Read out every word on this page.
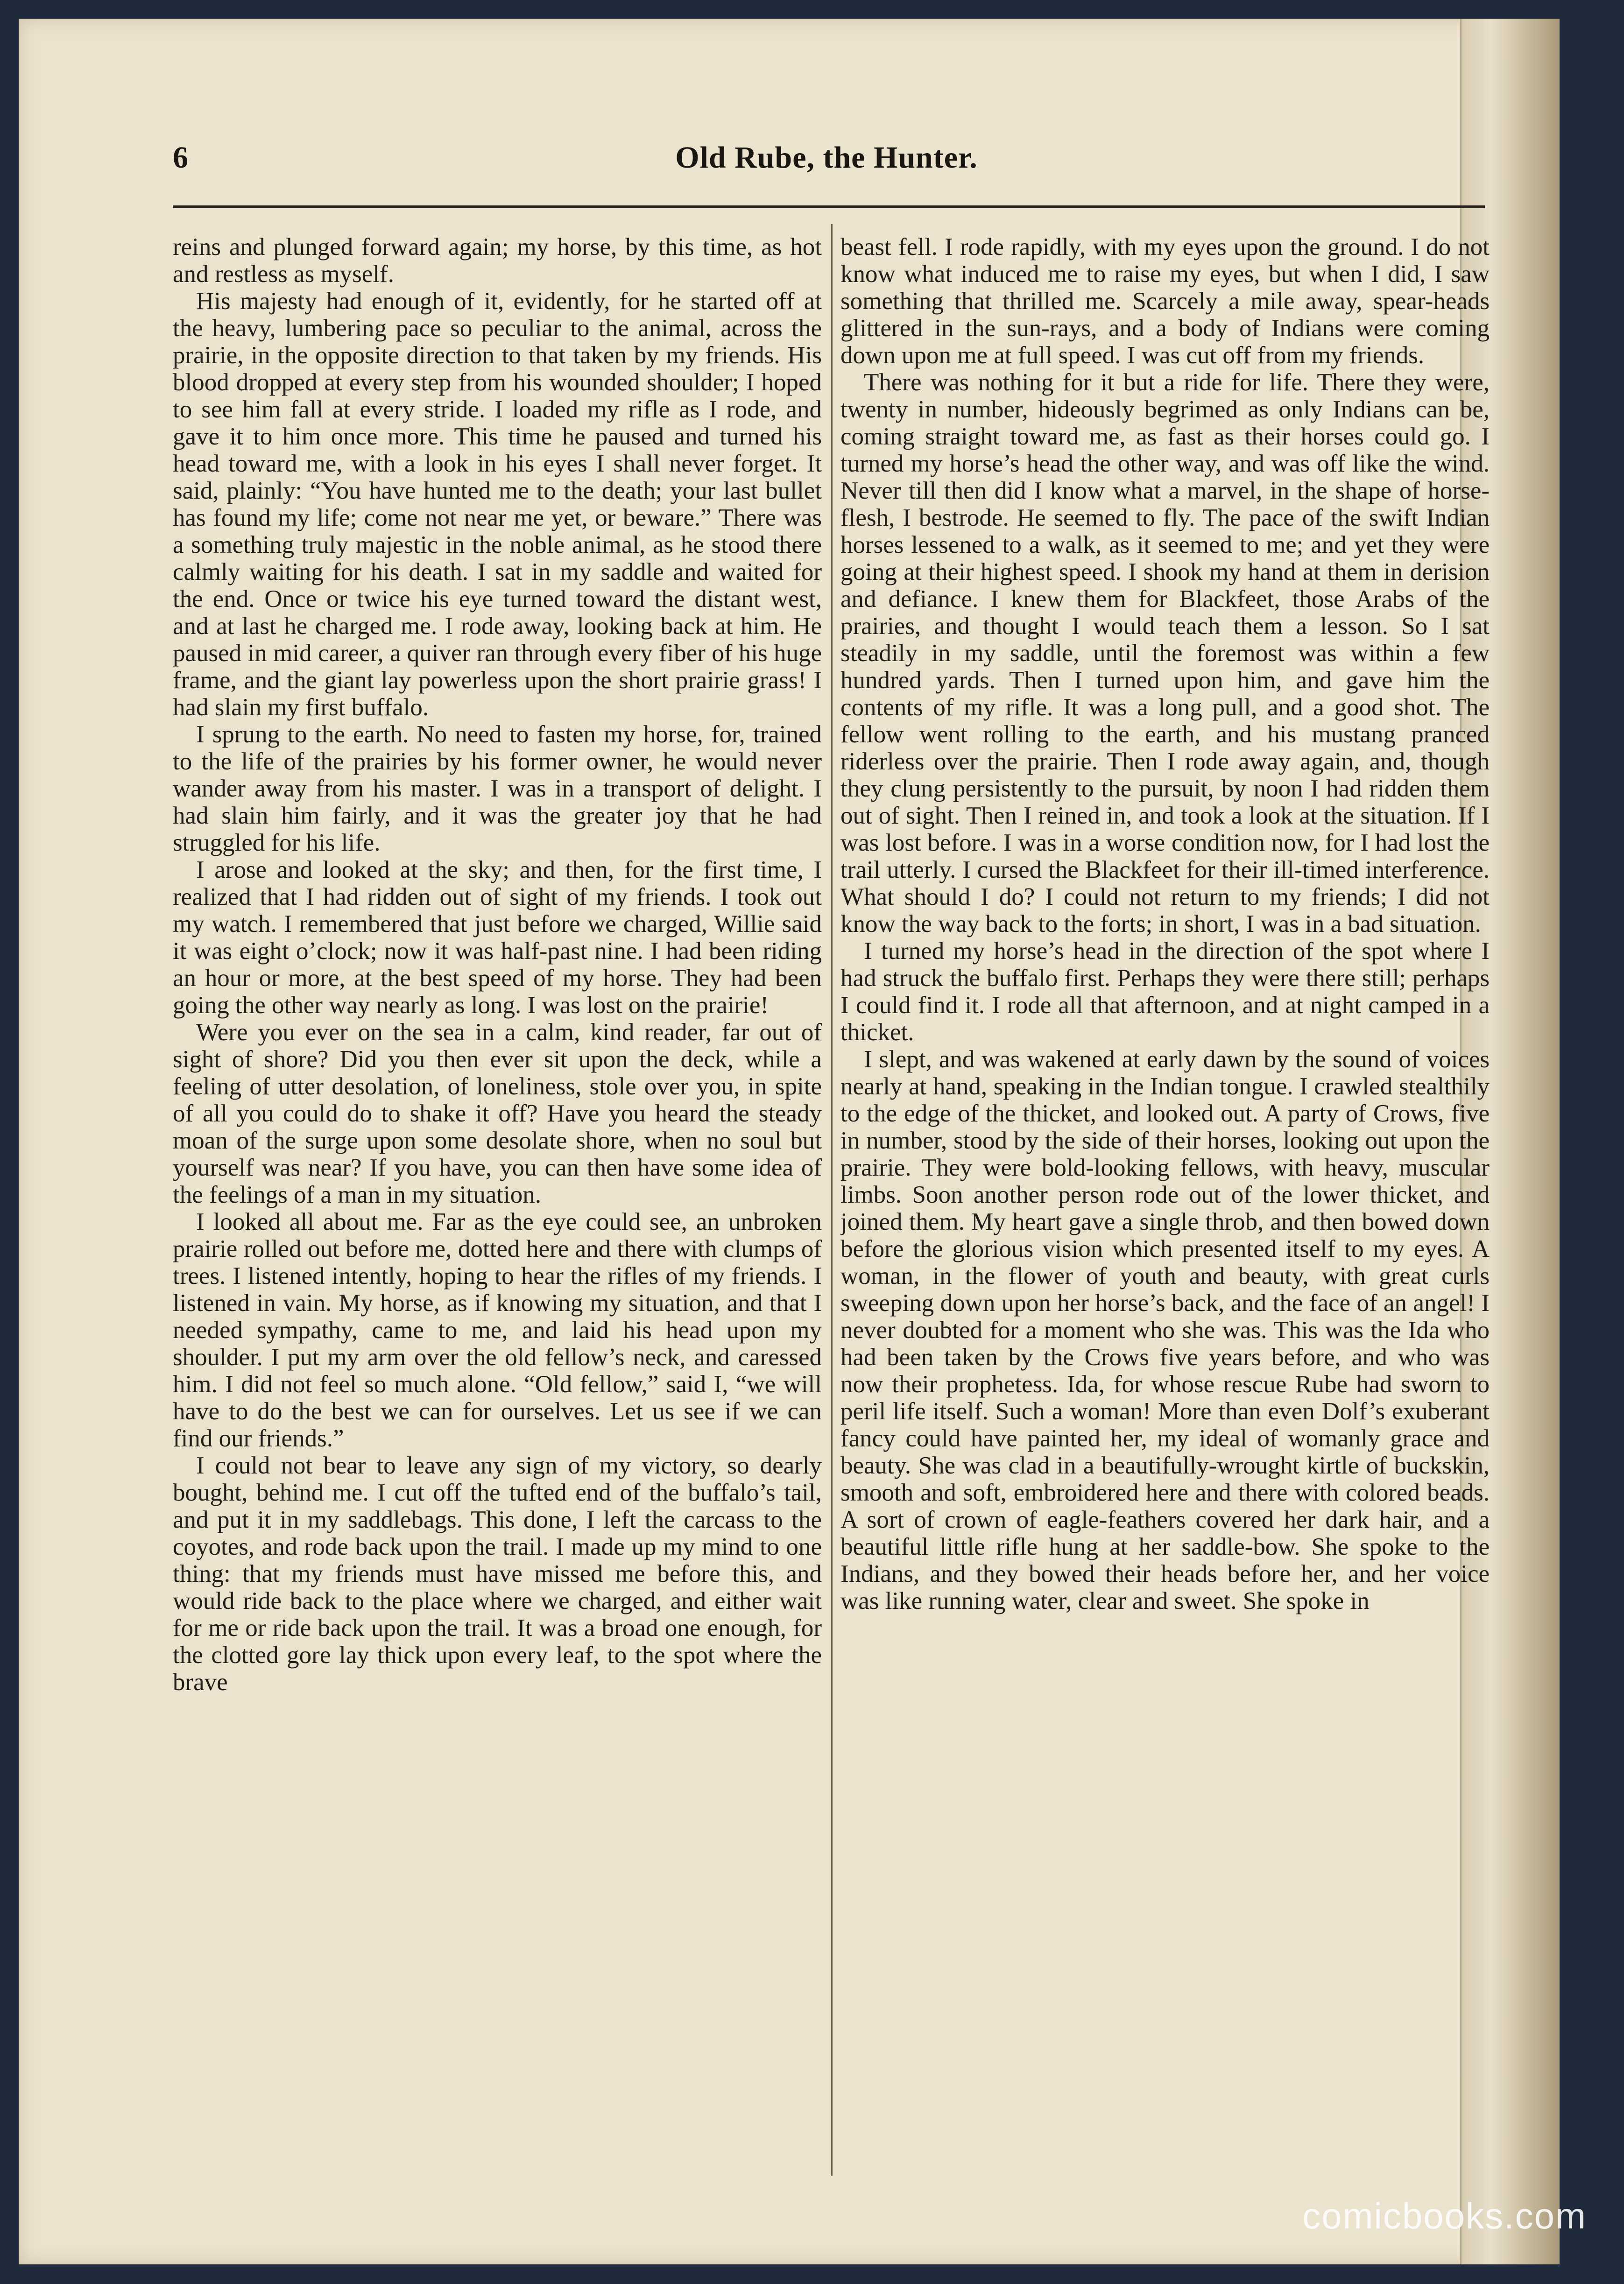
6	Old Rube, the Hunter.

reins and plunged forward again; my horse, by this time, as hot and restless as myself.

His majesty had enough of it, evidently, for he started off at the heavy, lumbering pace so peculiar to the animal, across the prairie, in the opposite direction to that taken by my friends. His blood dropped at every step from his wounded shoulder; I hoped to see him fall at every stride. I loaded my rifle as I rode, and gave it to him once more. This time he paused and turned his head toward me, with a look in his eyes I shall never forget. It said, plainly: “You have hunted me to the death; your last bullet has found my life; come not near me yet, or beware.” There was a something truly majestic in the noble animal, as he stood there calmly waiting for his death. I sat in my saddle and waited for the end. Once or twice his eye turned toward the distant west, and at last he charged me. I rode away, looking back at him. He paused in mid career, a quiver ran through every fiber of his huge frame, and the giant lay powerless upon the short prairie grass! I had slain my first buffalo.

I sprung to the earth. No need to fasten my horse, for, trained to the life of the prairies by his former owner, he would never wander away from his master. I was in a transport of delight. I had slain him fairly, and it was the greater joy that he had struggled for his life.

I arose and looked at the sky; and then, for the first time, I realized that I had ridden out of sight of my friends. I took out my watch. I remembered that just before we charged, Willie said it was eight o’clock; now it was half-past nine. I had been riding an hour or more, at the best speed of my horse. They had been going the other way nearly as long. I was lost on the prairie!

Were you ever on the sea in a calm, kind reader, far out of sight of shore? Did you then ever sit upon the deck, while a feeling of utter desolation, of loneliness, stole over you, in spite of all you could do to shake it off? Have you heard the steady moan of the surge upon some desolate shore, when no soul but yourself was near? If you have, you can then have some idea of the feelings of a man in my situation.

I looked all about me. Far as the eye could see, an unbroken prairie rolled out before me, dotted here and there with clumps of trees. I listened intently, hoping to hear the rifles of my friends. I listened in vain. My horse, as if knowing my situation, and that I needed sympathy, came to me, and laid his head upon my shoulder. I put my arm over the old fellow’s neck, and caressed him. I did not feel so much alone. “Old fellow,” said I, “we will have to do the best we can for ourselves. Let us see if we can find our friends.”

I could not bear to leave any sign of my victory, so dearly bought, behind me. I cut off the tufted end of the buffalo’s tail, and put it in my saddlebags. This done, I left the carcass to the coyotes, and rode back upon the trail. I made up my mind to one thing: that my friends must have missed me before this, and would ride back to the place where we charged, and either wait for me or ride back upon the trail. It was a broad one enough, for the clotted gore lay thick upon every leaf, to the spot where the brave

beast fell. I rode rapidly, with my eyes upon the ground. I do not know what induced me to raise my eyes, but when I did, I saw something that thrilled me. Scarcely a mile away, spear-heads glittered in the sun-rays, and a body of Indians were coming down upon me at full speed. I was cut off from my friends.

There was nothing for it but a ride for life. There they were, twenty in number, hideously begrimed as only Indians can be, coming straight toward me, as fast as their horses could go. I turned my horse’s head the other way, and was off like the wind. Never till then did I know what a marvel, in the shape of horse-flesh, I bestrode. He seemed to fly. The pace of the swift Indian horses lessened to a walk, as it seemed to me; and yet they were going at their highest speed. I shook my hand at them in derision and defiance. I knew them for Blackfeet, those Arabs of the prairies, and thought I would teach them a lesson. So I sat steadily in my saddle, until the foremost was within a few hundred yards. Then I turned upon him, and gave him the contents of my rifle. It was a long pull, and a good shot. The fellow went rolling to the earth, and his mustang pranced riderless over the prairie. Then I rode away again, and, though they clung persistently to the pursuit, by noon I had ridden them out of sight. Then I reined in, and took a look at the situation. If I was lost before. I was in a worse condition now, for I had lost the trail utterly. I cursed the Blackfeet for their ill-timed interference. What should I do? I could not return to my friends; I did not know the way back to the forts; in short, I was in a bad situation.

I turned my horse’s head in the direction of the spot where I had struck the buffalo first. Perhaps they were there still; perhaps I could find it. I rode all that afternoon, and at night camped in a thicket.

I slept, and was wakened at early dawn by the sound of voices nearly at hand, speaking in the Indian tongue. I crawled stealthily to the edge of the thicket, and looked out. A party of Crows, five in number, stood by the side of their horses, looking out upon the prairie. They were bold-looking fellows, with heavy, muscular limbs. Soon another person rode out of the lower thicket, and joined them. My heart gave a single throb, and then bowed down before the glorious vision which presented itself to my eyes. A woman, in the flower of youth and beauty, with great curls sweeping down upon her horse’s back, and the face of an angel! I never doubted for a moment who she was. This was the Ida who had been taken by the Crows five years before, and who was now their prophetess. Ida, for whose rescue Rube had sworn to peril life itself. Such a woman! More than even Dolf’s exuberant fancy could have painted her, my ideal of womanly grace and beauty. She was clad in a beautifully-wrought kirtle of buckskin, smooth and soft, embroidered here and there with colored beads. A sort of crown of eagle-feathers covered her dark hair, and a beautiful little rifle hung at her saddle-bow. She spoke to the Indians, and they bowed their heads before her, and her voice was like running water, clear and sweet. She spoke in

comicbooks.com
